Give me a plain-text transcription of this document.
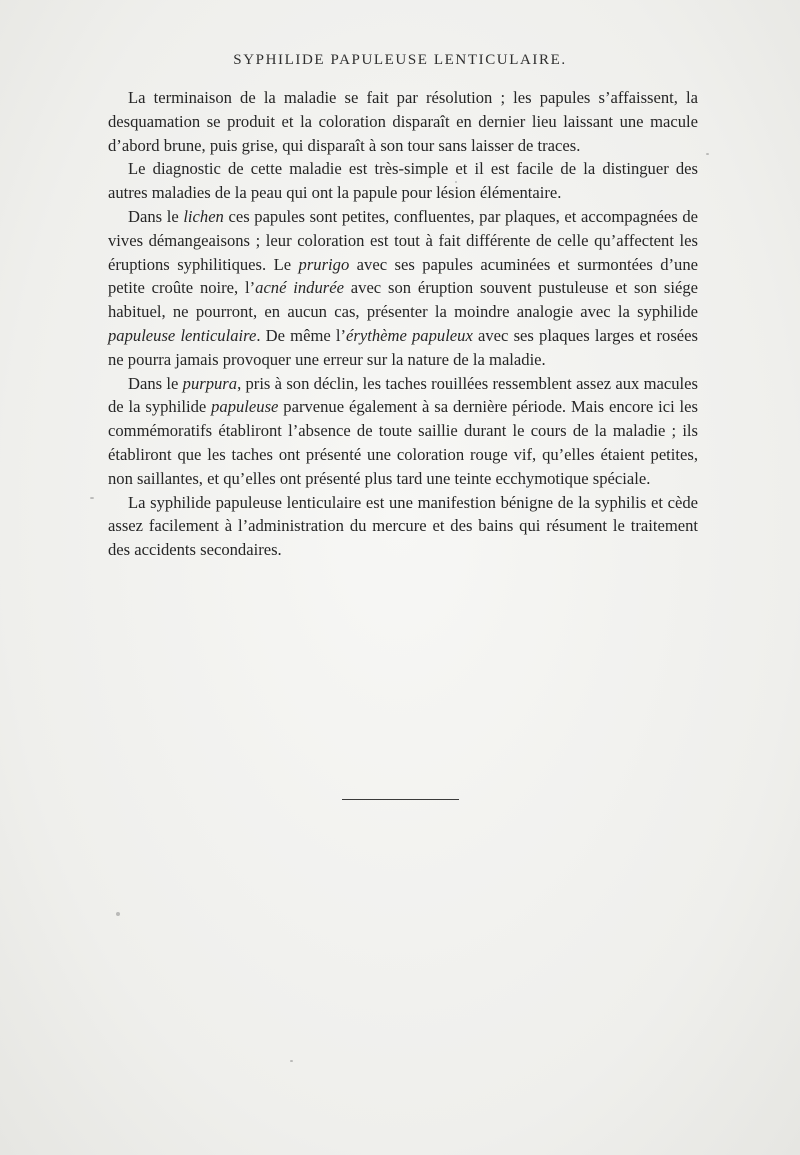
SYPHILIDE PAPULEUSE LENTICULAIRE.

La terminaison de la maladie se fait par résolution ; les papules s’affaissent, la desquamation se produit et la coloration disparaît en dernier lieu laissant une macule d’abord brune, puis grise, qui disparaît à son tour sans laisser de traces.

Le diagnostic de cette maladie est très-simple et il est facile de la distinguer des autres maladies de la peau qui ont la papule pour lésion élémentaire.

Dans le lichen ces papules sont petites, confluentes, par plaques, et accompagnées de vives démangeaisons ; leur coloration est tout à fait différente de celle qu’affectent les éruptions syphilitiques. Le prurigo avec ses papules acuminées et surmontées d’une petite croûte noire, l’acné indurée avec son éruption souvent pustuleuse et son siége habituel, ne pourront, en aucun cas, présenter la moindre analogie avec la syphilide papuleuse lenticulaire. De même l’érythème papuleux avec ses plaques larges et rosées ne pourra jamais provoquer une erreur sur la nature de la maladie.

Dans le purpura, pris à son déclin, les taches rouillées ressemblent assez aux macules de la syphilide papuleuse parvenue également à sa dernière période. Mais encore ici les commémoratifs établiront l’absence de toute saillie durant le cours de la maladie ; ils établiront que les taches ont présenté une coloration rouge vif, qu’elles étaient petites, non saillantes, et qu’elles ont présenté plus tard une teinte ecchymotique spéciale.

La syphilide papuleuse lenticulaire est une manifestion bénigne de la syphilis et cède assez facilement à l’administration du mercure et des bains qui résument le traitement des accidents secondaires.
